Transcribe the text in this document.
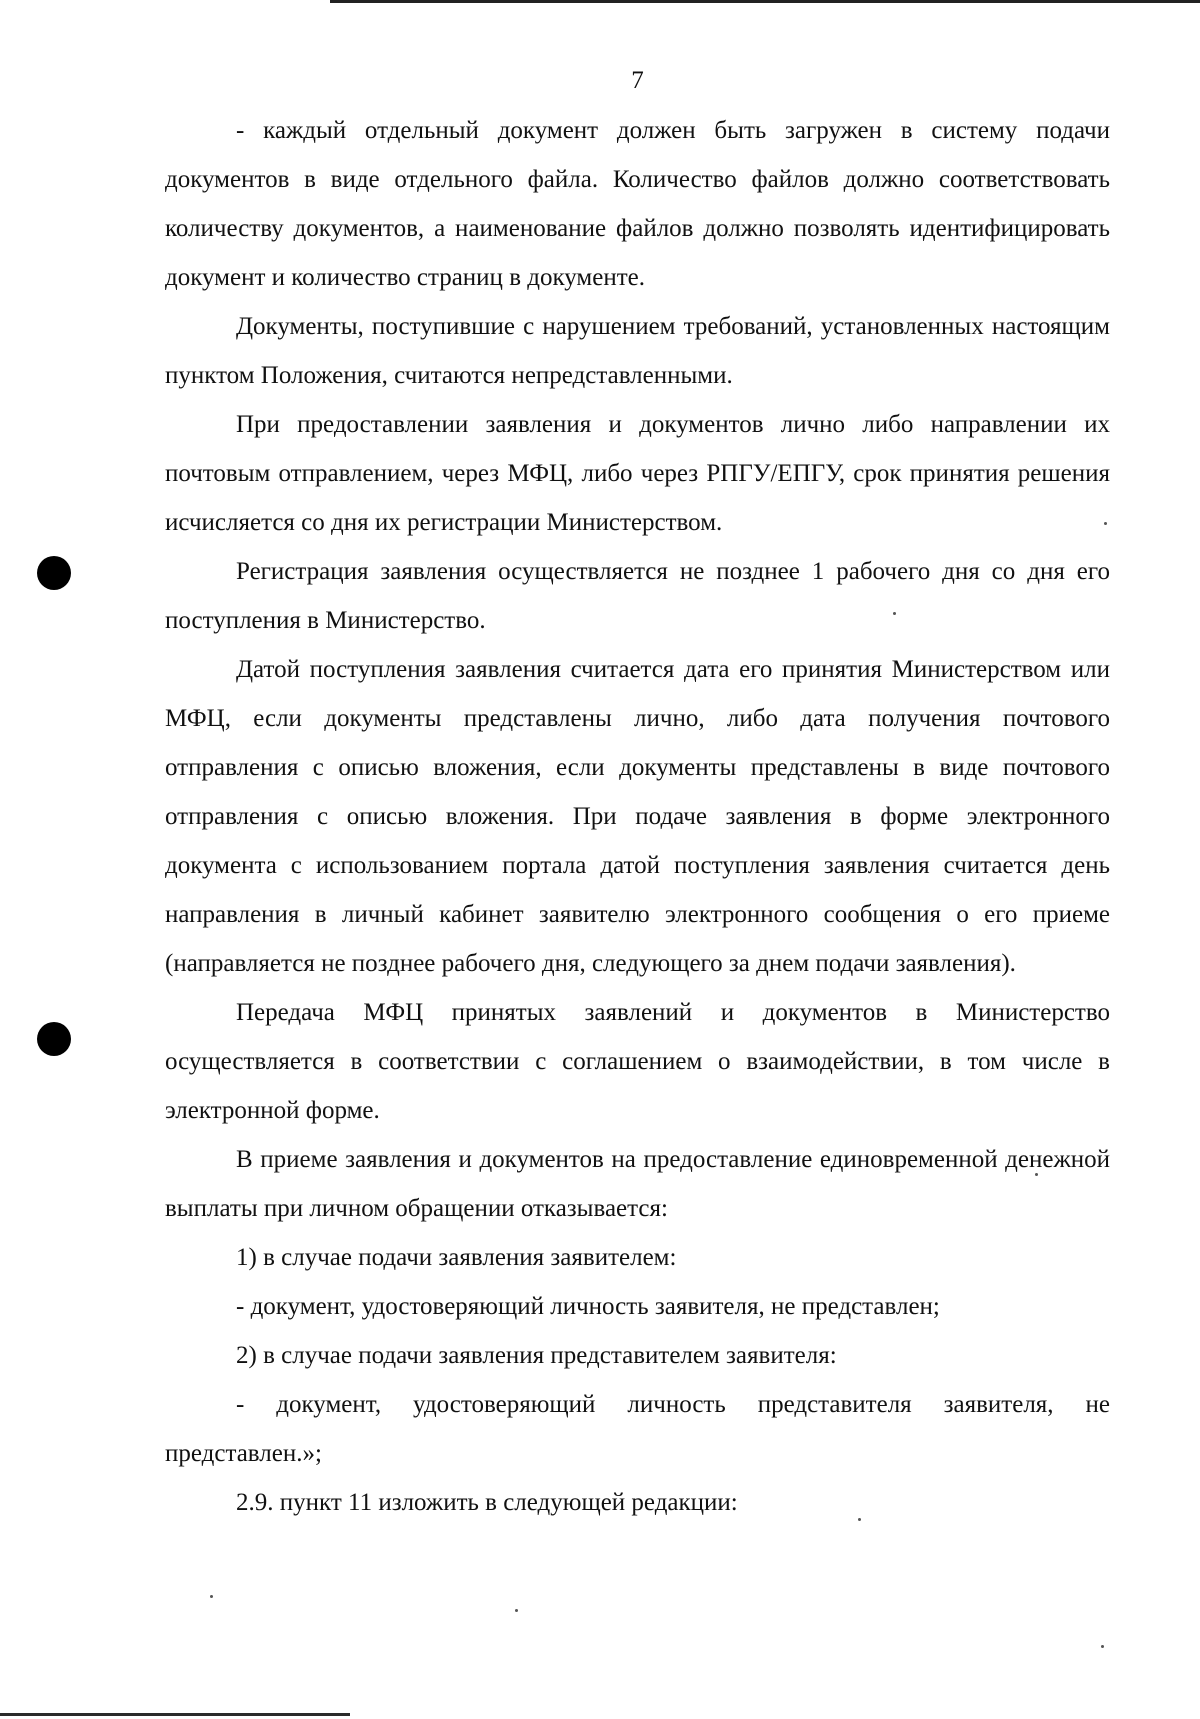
7

- каждый отдельный документ должен быть загружен в систему подачи документов в виде отдельного файла. Количество файлов должно соответствовать количеству документов, а наименование файлов должно позволять идентифицировать документ и количество страниц в документе.

Документы, поступившие с нарушением требований, установленных настоящим пунктом Положения, считаются непредставленными.

При предоставлении заявления и документов лично либо направлении их почтовым отправлением, через МФЦ, либо через РПГУ/ЕПГУ, срок принятия решения исчисляется со дня их регистрации Министерством.

Регистрация заявления осуществляется не позднее 1 рабочего дня со дня его поступления в Министерство.

Датой поступления заявления считается дата его принятия Министерством или МФЦ, если документы представлены лично, либо дата получения почтового отправления с описью вложения, если документы представлены в виде почтового отправления с описью вложения. При подаче заявления в форме электронного документа с использованием портала датой поступления заявления считается день направления в личный кабинет заявителю электронного сообщения о его приеме (направляется не позднее рабочего дня, следующего за днем подачи заявления).

Передача МФЦ принятых заявлений и документов в Министерство осуществляется в соответствии с соглашением о взаимодействии, в том числе в электронной форме.

В приеме заявления и документов на предоставление единовременной денежной выплаты при личном обращении отказывается:

1) в случае подачи заявления заявителем:

- документ, удостоверяющий личность заявителя, не представлен;

2) в случае подачи заявления представителем заявителя:

- документ, удостоверяющий личность представителя заявителя, не представлен.»;

2.9. пункт 11 изложить в следующей редакции:
